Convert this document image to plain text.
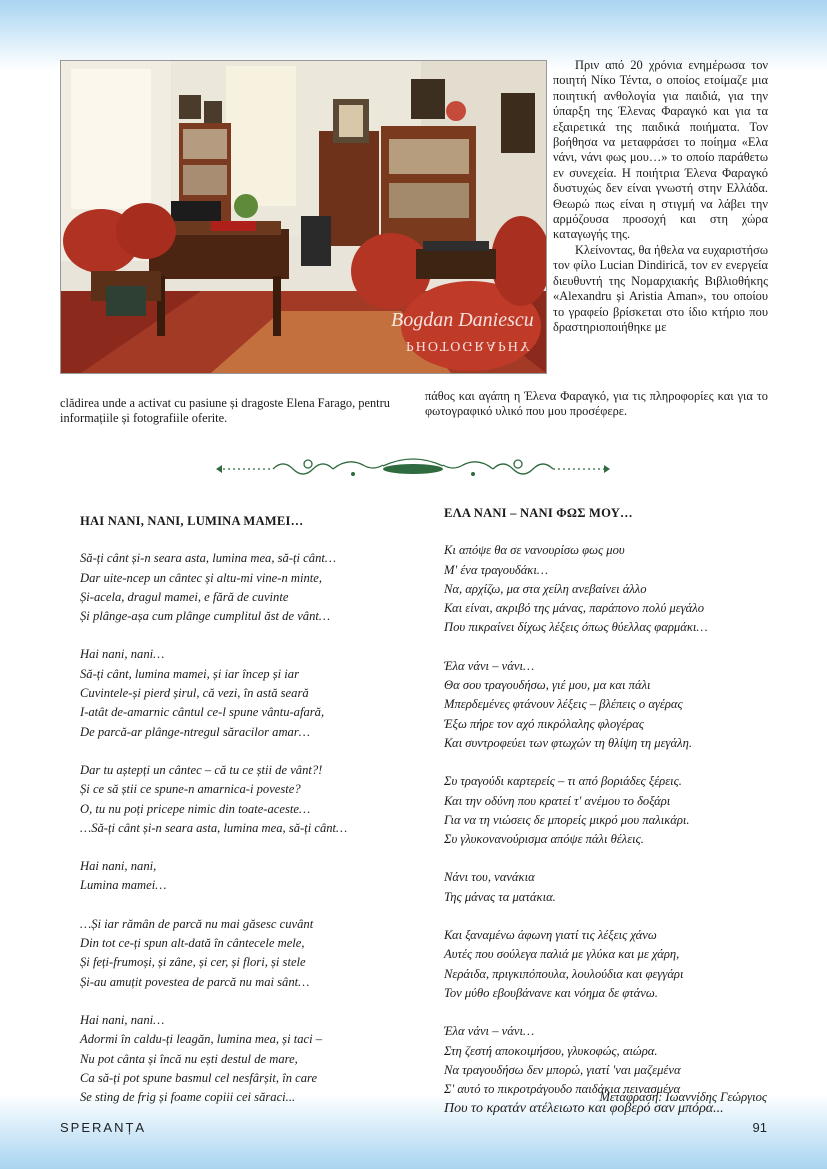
Bogdan Daniescu
PHOTOGRAPHY

Πριν από 20 χρόνια ενημέρωσα τον ποιητή Νίκο Τέντα, ο οποίος ετοίμαζε μια ποιητική ανθολογία για παιδιά, για την ύπαρξη της Έλενας Φαραγκό και για τα εξαιρετικά της παιδικά ποιήματα. Τον βοήθησα να μεταφράσει το ποίημα «Ελα νάνι, νάνι φως μου…» το οποίο παράθετω εν συνεχεία. Η ποιήτρια Έλενα Φαραγκό δυστυχώς δεν είναι γνωστή στην Ελλάδα. Θεωρώ πως είναι η στιγμή να λάβει την αρμόζουσα προσοχή και στη χώρα καταγωγής της.

Κλείνοντας, θα ήθελα να ευχαριστήσω τον φίλο Lucian Dindirică, τον εν ενεργεία διευθυντή της Νομαρχιακής Βιβλιοθήκης «Alexandru și Aristia Aman», του οποίου το γραφείο βρίσκεται στο ίδιο κτήριο που δραστηριοποιήθηκε με

clădirea unde a activat cu pasiune și dragoste Elena Farago, pentru informațiile și fotografiile oferite.
πάθος και αγάπη η Έλενα Φαραγκό, για τις πληροφορίες και για το φωτογραφικό υλικό που μου προσέφερε.
HAI NANI, NANI, LUMINA MAMEI…
Să-ți cânt și-n seara asta, lumina mea, să-ți cânt…
Dar uite-ncep un cântec și altu-mi vine-n minte,
Și-acela, dragul mamei, e fără de cuvinte
Și plânge-așa cum plânge cumplitul ăst de vânt…
Hai nani, nani…
Să-ți cânt, lumina mamei, și iar încep și iar
Cuvintele-și pierd șirul, că vezi, în astă seară
I-atât de-amarnic cântul ce-l spune vântu-afară,
De parcă-ar plânge-ntregul săracilor amar…
Dar tu aștepți un cântec – că tu ce știi de vânt?!
Și ce să știi ce spune-n amarnica-i poveste?
O, tu nu poți pricepe nimic din toate-aceste…
…Să-ți cânt și-n seara asta, lumina mea, să-ți cânt…
Hai nani, nani,
Lumina mamei…
…Și iar rămân de parcă nu mai găsesc cuvânt
Din tot ce-ți spun alt-dată în cântecele mele,
Și feți-frumoși, și zâne, și cer, și flori, și stele
Și-au amuțit povestea de parcă nu mai sânt…
Hai nani, nani…
Adormi în caldu-ți leagăn, lumina mea, și taci –
Nu pot cânta și încă nu ești destul de mare,
Ca să-ți pot spune basmul cel nesfârșit, în care
Se sting de frig și foame copiii cei săraci...
ΕΛΑ ΝΑΝΙ – ΝΑΝΙ ΦΩΣ ΜΟΥ…
Κι απόψε θα σε νανουρίσω φως μου
Μ' ένα τραγουδάκι…
Να, αρχίζω, μα στα χείλη ανεβαίνει άλλο
Και είναι, ακριβό της μάνας, παράπονο πολύ μεγάλο
Που πικραίνει δίχως λέξεις όπως θύελλας φαρμάκι…
Έλα νάνι – νάνι…
Θα σου τραγουδήσω, γιέ μου, μα και πάλι
Μπερδεμένες φτάνουν λέξεις – βλέπεις ο αγέρας
Έξω πήρε τον αχό πικρόλαλης φλογέρας
Και συντροφεύει των φτωχών τη θλίψη τη μεγάλη.
Συ τραγούδι καρτερείς – τι από βοριάδες ξέρεις.
Και την οδύνη που κρατεί τ' ανέμου το δοξάρι
Για να τη νιώσεις δε μπορείς μικρό μου παλικάρι.
Συ γλυκονανούρισμα απόψε πάλι θέλεις.
Νάνι του, νανάκια
Της μάνας τα ματάκια.
Και ξαναμένω άφωνη γιατί τις λέξεις χάνω
Αυτές που σούλεγα παλιά με γλύκα και με χάρη,
Νεράιδα, πριγκιπόπουλα, λουλούδια και φεγγάρι
Τον μύθο εβουβάνανε και νόημα δε φτάνω.
Έλα νάνι – νάνι…
Στη ζεστή αποκοιμήσου, γλυκοφώς, αιώρα.
Να τραγουδήσω δεν μπορώ, γιατί 'ναι μαζεμένα
Σ' αυτό το πικροτράγουδο παιδάκια πεινασμένα
Που το κρατάν ατέλειωτο και φοβερό σαν μπόρα...
Μετάφραση: Ιωαννίδης Γεώργιος
SPERANȚA	91
